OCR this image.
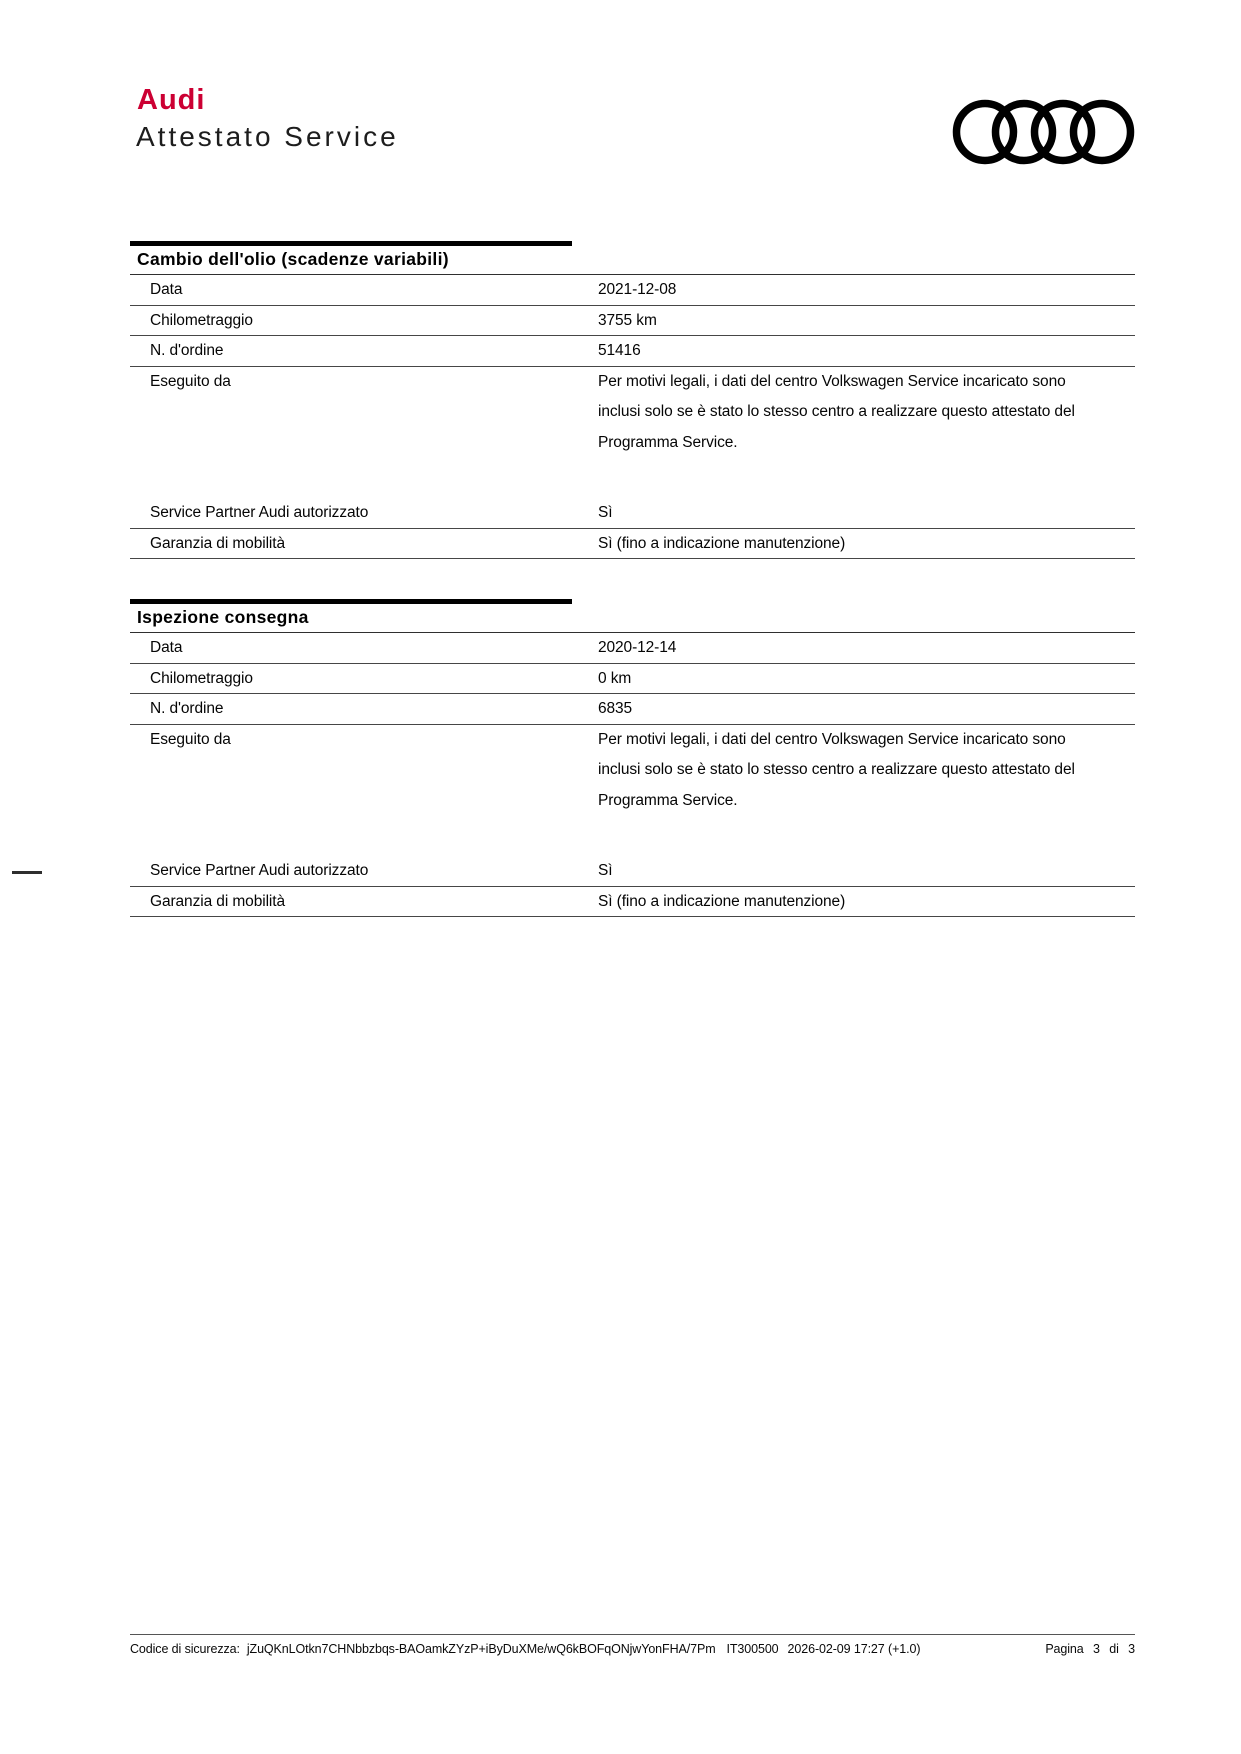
Audi
Attestato Service
Cambio dell'olio (scadenze variabili)
Data	2021-12-08
Chilometraggio	3755 km
N. d'ordine	51416
Eseguito da	Per motivi legali, i dati del centro Volkswagen Service incaricato sono inclusi solo se è stato lo stesso centro a realizzare questo attestato del Programma Service.
Service Partner Audi autorizzato	Sì
Garanzia di mobilità	Sì (fino a indicazione manutenzione)
Ispezione consegna
Data	2020-12-14
Chilometraggio	0 km
N. d'ordine	6835
Eseguito da	Per motivi legali, i dati del centro Volkswagen Service incaricato sono inclusi solo se è stato lo stesso centro a realizzare questo attestato del Programma Service.
Service Partner Audi autorizzato	Sì
Garanzia di mobilità	Sì (fino a indicazione manutenzione)
Codice di sicurezza: jZuQKnLOtkn7CHNbbzbqs-BAOamkZYzP+iByDuXMe/wQ6kBOFqONjwYonFHA/7Pm IT300500 2026-02-09 17:27 (+1.0)	Pagina 3 di 3
